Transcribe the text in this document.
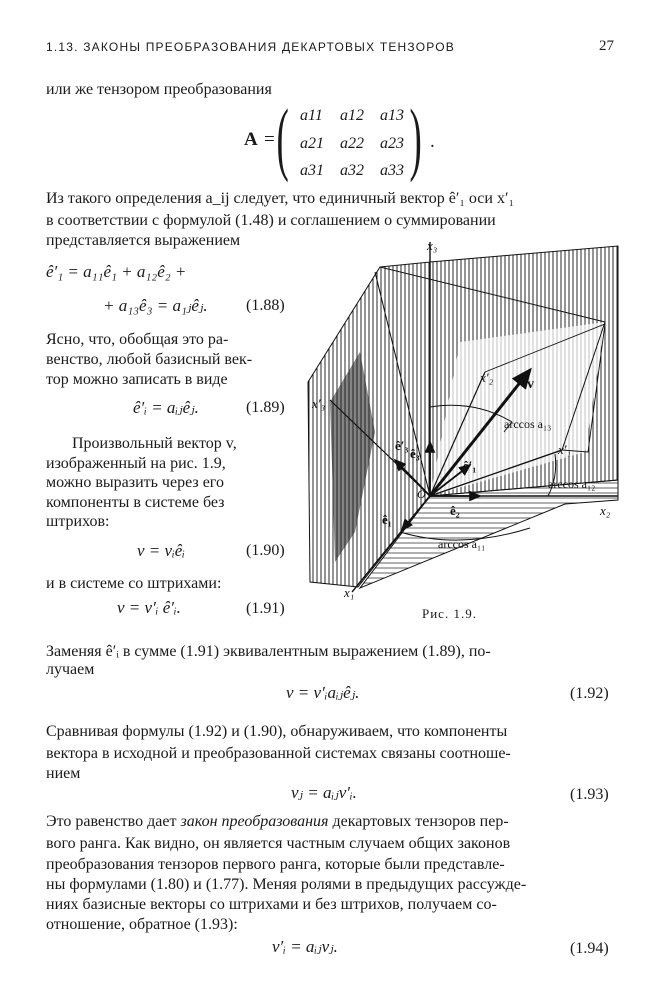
1.13. ЗАКОНЫ ПРЕОБРАЗОВАНИЯ ДЕКАРТОВЫХ ТЕНЗОРОВ	27
или же тензором преобразования
A = ( a11 a12 a13
a21 a22 a23
a31 a32 a33 ) .
Из такого определения a_ij следует, что единичный вектор ê′₁ оси x′₁
в соответствии с формулой (1.48) и соглашением о суммировании
представляется выражением
ê′₁ = a₁₁ê₁ + a₁₂ê₂ +
+ a₁₃ê₃ = a₁ⱼêⱼ. (1.88)
Ясно, что, обобщая это ра-
венство, любой базисный век-
тор можно записать в виде
ê′ᵢ = aᵢⱼêⱼ.	(1.89)
Произвольный вектор v,
изображенный на рис. 1.9,
можно выразить через его
компоненты в системе без
штрихов:
v = vᵢêᵢ	(1.90)
и в системе со штрихами:
v = v′ᵢ ê′ᵢ.	(1.91)
x₃
x₂
x₁
x′₃
x′₂
x′₁
O
v
ê₃
ê₂
ê₁
ê′₁
ê′₃
arccos a₁₁
arccos a₁₂
arccos a₁₃
Рис. 1.9.
Заменяя ê′ᵢ в сумме (1.91) эквивалентным выражением (1.89), по-
лучаем
v = v′ᵢaᵢⱼêⱼ.	(1.92)
Сравнивая формулы (1.92) и (1.90), обнаруживаем, что компоненты
вектора в исходной и преобразованной системах связаны соотноше-
нием
vⱼ = aᵢⱼv′ᵢ.	(1.93)
Это равенство дает закон преобразования декартовых тензоров пер-
вого ранга. Как видно, он является частным случаем общих законов
преобразования тензоров первого ранга, которые были представле-
ны формулами (1.80) и (1.77). Меняя ролями в предыдущих рассужде-
ниях базисные векторы со штрихами и без штрихов, получаем со-
отношение, обратное (1.93):
v′ᵢ = aᵢⱼvⱼ.	(1.94)
